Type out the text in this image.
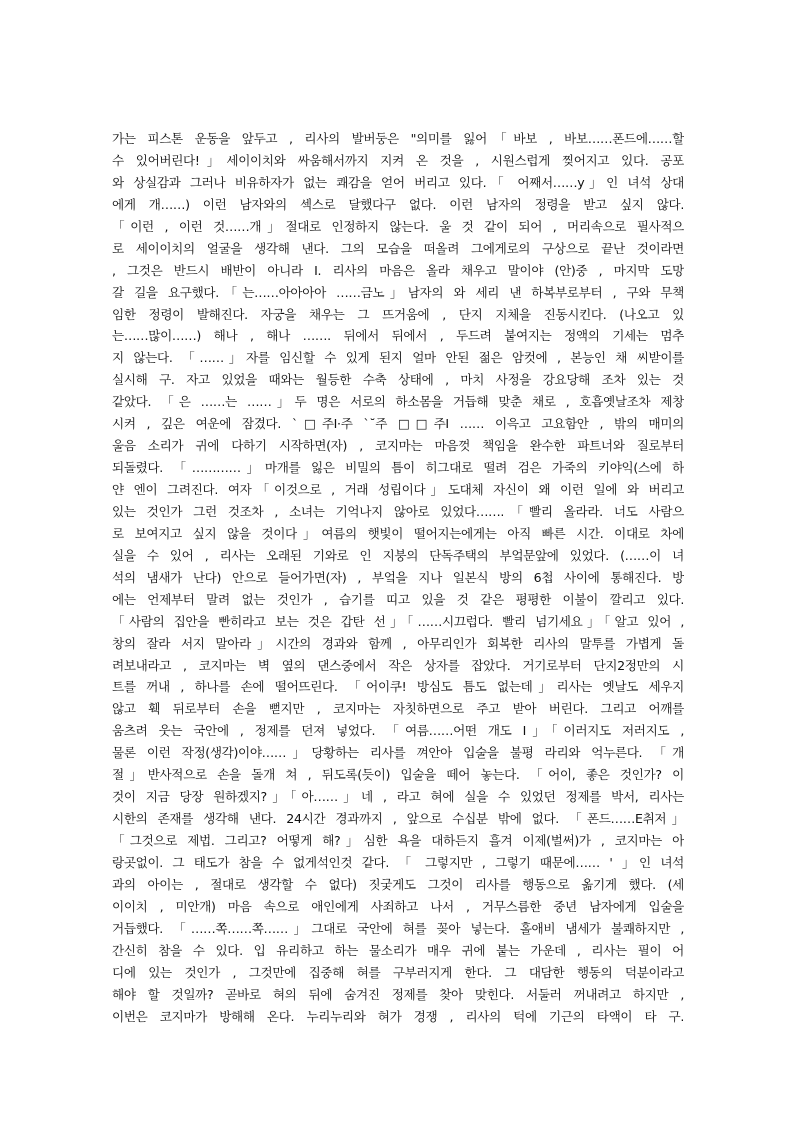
가는 피스톤 운동을 앞두고 , 리사의 발버둥은 "의미를 잃어「바보 , 바보……폰드에……할
수 있어버린다!」세이이치와 싸움해서까지 지켜 온 것을 , 시원스럽게 찢어지고 있다. 공포
와 상실감과 그러나 비유하자가 없는 쾌감을 얻어 버리고 있다.「 어째서……y」인 녀석 상대
에게 개……) 이런 남자와의 섹스로 달했다구 없다. 이런 남자의 정령을 받고 싶지 않다.
「이런 , 이런 것……개」절대로 인정하지 않는다. 울 것 같이 되어 , 머리속으로 필사적으
로 세이이치의 얼굴을 생각해 낸다. 그의 모습을 떠올려 그에게로의 구상으로 끝난 것이라면
, 그것은 반드시 배반이 아니라 I. 리사의 마음은 올라 채우고 말이야 (안)중 , 마지막 도망
갈 길을 요구했다.「는……아아아아 ……금노」남자의 와 세리 낸 하복부로부터 , 구와 무책
임한 정령이 발해진다. 자궁을 채우는 그 뜨거움에 , 단지 지체을 진동시킨다. (나오고 있
는……많이……) 해나 , 해나 ……. 뒤에서 뒤에서 , 두드려 붙여지는 정액의 기세는 멈추
지 않는다. 「……」자를 임신할 수 있게 된지 얼마 안된 젊은 암컷에 , 본능인 채 씨받이를
실시해 구. 자고 있었을 때와는 월등한 수축 상태에 , 마치 사정을 강요당해 조차 있는 것
같았다. 「은 ……는 ……」두 명은 서로의 하소몸을 거듭해 맞춘 채로 , 호흡옛날조차 제창
시켜 , 깊은 여운에 잠겼다. `□주I·주 `˘주 □□주I …… 이윽고 고요함안 , 밖의 매미의
울음 소리가 귀에 다하기 시작하면(자) , 코지마는 마음껏 책임을 완수한 파트너와 질로부터
되돌렸다. 「…………」마개를 잃은 비밀의 틈이 히그대로 떨려 검은 가죽의 키야익(스에 하
얀 엔이 그려진다. 여자「이것으로 , 거래 성립이다」도대체 자신이 왜 이런 일에 와 버리고
있는 것인가 그런 것조차 , 소녀는 기억나지 않아로 있었다…….「빨리 올라라. 너도 사람으
로 보여지고 싶지 않을 것이다」여름의 햇빛이 떨어지는에게는 아직 빠른 시간. 이대로 차에
실을 수 있어 , 리사는 오래된 기와로 인 지붕의 단독주택의 부엌문앞에 있었다. (……이 녀
석의 냄새가 난다) 안으로 들어가면(자) , 부엌을 지나 일본식 방의 6첩 사이에 통해진다. 방
에는 언제부터 말려 없는 것인가 , 습기를 띠고 있을 것 같은 평평한 이불이 깔리고 있다.
「사람의 집안을 빤히라고 보는 것은 갑탄 선」「……시끄럽다. 빨리 넘기세요」「알고 있어 ,
창의 잘라 서지 말아라」시간의 경과와 함께 , 아무리인가 회복한 리사의 말투를 가볍게 돌
려보내라고 , 코지마는 벽 옆의 댄스중에서 작은 상자를 잡았다. 거기로부터 단지2정만의 시
트를 꺼내 , 하나를 손에 떨어뜨린다. 「어이쿠! 방심도 틈도 없는데」리사는 옛날도 세우지
않고 훽 뒤로부터 손을 뻗지만 , 코지마는 자칫하면으로 주고 받아 버린다. 그리고 어깨를
움츠려 웃는 국안에 , 정제를 던져 넣었다. 「여름……어떤 개도 I」「이러지도 저러지도 ,
물론 이런 작정(생각)이야……」당황하는 리사를 껴안아 입술을 불평 라리와 억누른다. 「개
절」반사적으로 손을 돌개 쳐 , 뒤도록(듯이) 입술을 떼어 놓는다. 「어이, 좋은 것인가? 이
것이 지금 당장 원하겠지?」「아……」네 , 라고 혀에 실을 수 있었던 정제를 박서, 리사는
시한의 존재를 생각해 낸다. 24시간 경과까지 , 앞으로 수십분 밖에 없다. 「폰드……E취저」
「그것으로 제법. 그리고? 어떻게 해?」심한 욕을 대하든지 흘겨 이제(벌써)가 , 코지마는 아
랑곳없이. 그 태도가 참을 수 없게석인것 같다. 「 그렇지만 , 그렇기 때문에…… ' 」인 녀석
과의 아이는 , 절대로 생각할 수 없다) 짓궂게도 그것이 리사를 행동으로 옮기게 했다. (세
이이치 , 미안개) 마음 속으로 애인에게 사죄하고 나서 , 거무스름한 중년 남자에게 입술을
거듭했다. 「……쪽……쪽……」그대로 국안에 혀를 꽂아 넣는다. 홀애비 냄세가 불쾌하지만 ,
간신히 참을 수 있다. 입 유리하고 하는 물소리가 매우 귀에 붙는 가운데 , 리사는 필이 어
디에 있는 것인가 , 그것만에 집중해 혀를 구부러지게 한다. 그 대담한 행동의 덕분이라고
해야 할 것일까? 곧바로 혀의 뒤에 숨겨진 정제를 찾아 맞힌다. 서둘러 꺼내려고 하지만 ,
이번은 코지마가 방해해 온다. 누리누리와 혀가 경쟁 , 리사의 턱에 기근의 타액이 타 구.
